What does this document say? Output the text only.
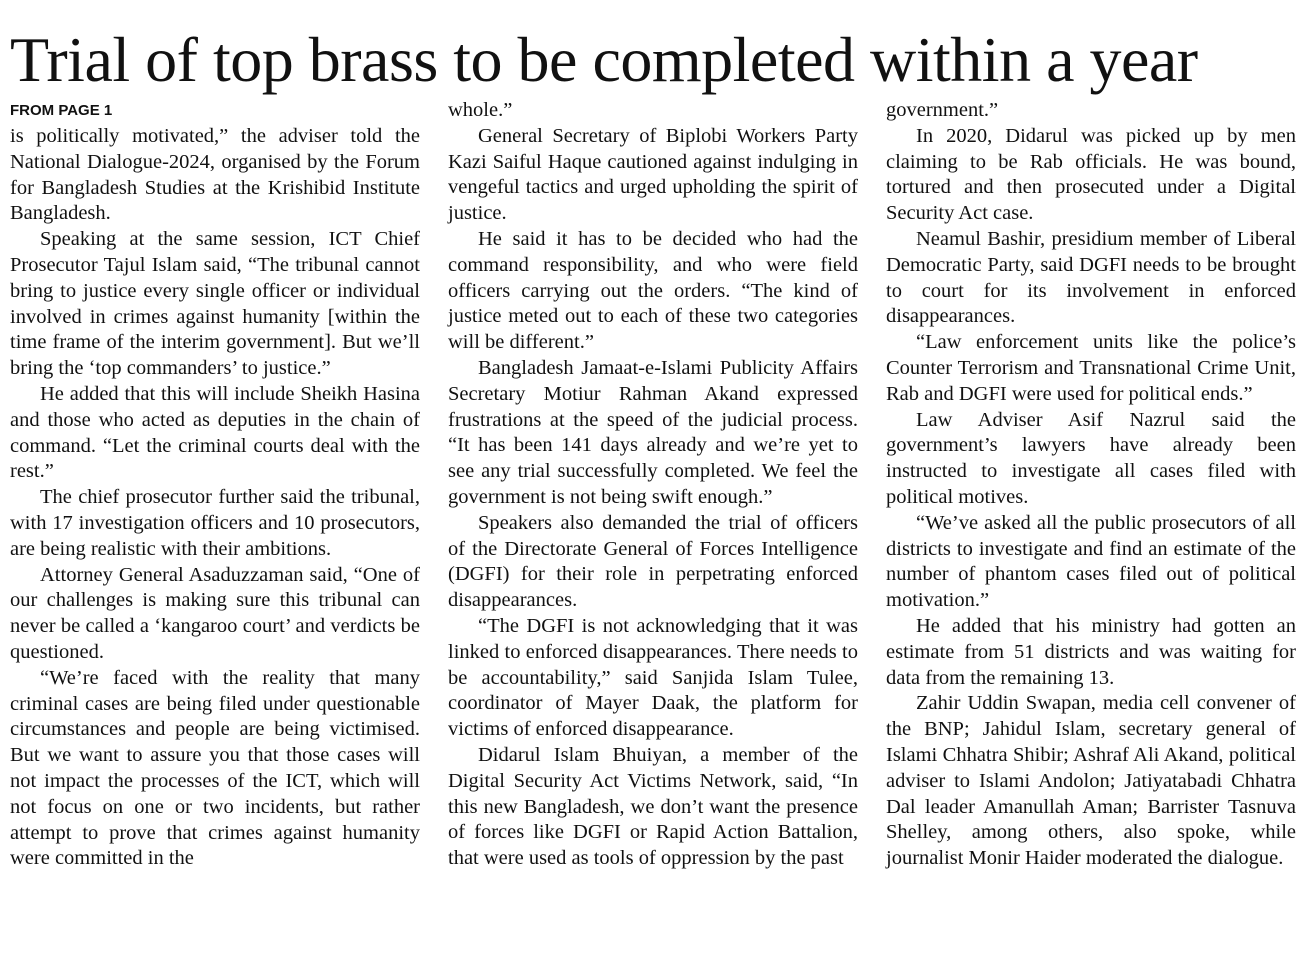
Trial of top brass to be completed within a year
FROM PAGE 1

is politically motivated,” the adviser told the National Dialogue-2024, organised by the Forum for Bangladesh Studies at the Krishibid Institute Bangladesh.

Speaking at the same session, ICT Chief Prosecutor Tajul Islam said, “The tribunal cannot bring to justice every single officer or individual involved in crimes against humanity [within the time frame of the interim government]. But we’ll bring the ‘top commanders’ to justice.”

He added that this will include Sheikh Hasina and those who acted as deputies in the chain of command. “Let the criminal courts deal with the rest.”

The chief prosecutor further said the tribunal, with 17 investigation officers and 10 prosecutors, are being realistic with their ambitions.

Attorney General Asaduzzaman said, “One of our challenges is making sure this tribunal can never be called a ‘kangaroo court’ and verdicts be questioned.

“We’re faced with the reality that many criminal cases are being filed under questionable circumstances and people are being victimised. But we want to assure you that those cases will not impact the processes of the ICT, which will not focus on one or two incidents, but rather attempt to prove that crimes against humanity were committed in the

whole.”

General Secretary of Biplobi Workers Party Kazi Saiful Haque cautioned against indulging in vengeful tactics and urged upholding the spirit of justice.

He said it has to be decided who had the command responsibility, and who were field officers carrying out the orders. “The kind of justice meted out to each of these two categories will be different.”

Bangladesh Jamaat-e-Islami Publicity Affairs Secretary Motiur Rahman Akand expressed frustrations at the speed of the judicial process. “It has been 141 days already and we’re yet to see any trial successfully completed. We feel the government is not being swift enough.”

Speakers also demanded the trial of officers of the Directorate General of Forces Intelligence (DGFI) for their role in perpetrating enforced disappearances.

“The DGFI is not acknowledging that it was linked to enforced disappearances. There needs to be accountability,” said Sanjida Islam Tulee, coordinator of Mayer Daak, the platform for victims of enforced disappearance.

Didarul Islam Bhuiyan, a member of the Digital Security Act Victims Network, said, “In this new Bangladesh, we don’t want the presence of forces like DGFI or Rapid Action Battalion, that were used as tools of oppression by the past

government.”

In 2020, Didarul was picked up by men claiming to be Rab officials. He was bound, tortured and then prosecuted under a Digital Security Act case.

Neamul Bashir, presidium member of Liberal Democratic Party, said DGFI needs to be brought to court for its involvement in enforced disappearances.

“Law enforcement units like the police’s Counter Terrorism and Transnational Crime Unit, Rab and DGFI were used for political ends.”

Law Adviser Asif Nazrul said the government’s lawyers have already been instructed to investigate all cases filed with political motives.

“We’ve asked all the public prosecutors of all districts to investigate and find an estimate of the number of phantom cases filed out of political motivation.”

He added that his ministry had gotten an estimate from 51 districts and was waiting for data from the remaining 13.

Zahir Uddin Swapan, media cell convener of the BNP; Jahidul Islam, secretary general of Islami Chhatra Shibir; Ashraf Ali Akand, political adviser to Islami Andolon; Jatiyatabadi Chhatra Dal leader Amanullah Aman; Barrister Tasnuva Shelley, among others, also spoke, while journalist Monir Haider moderated the dialogue.
